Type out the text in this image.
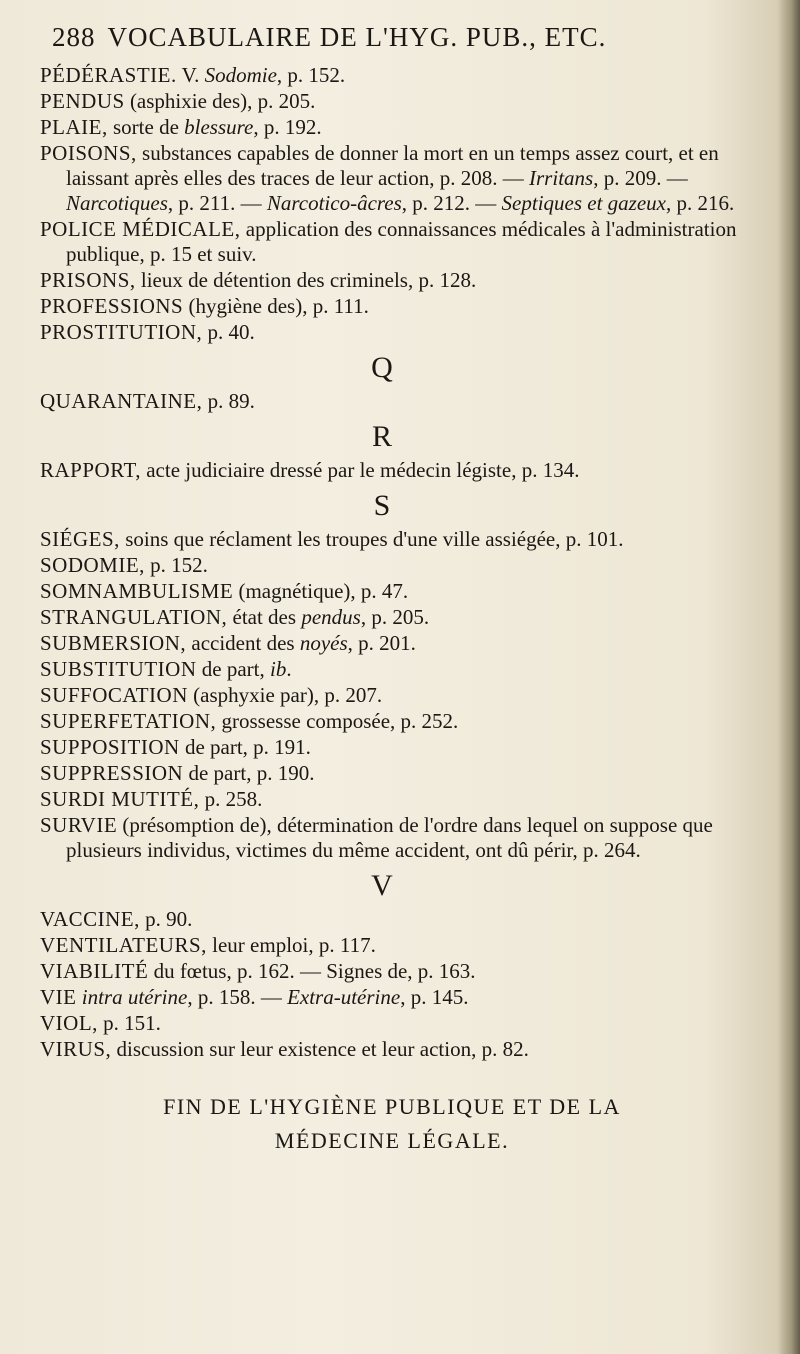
288 VOCABULAIRE DE L'HYG. PUB., ETC.
PÉDÉRASTIE. V. Sodomie, p. 152.
PENDUS (asphixie des), p. 205.
PLAIE, sorte de blessure, p. 192.
POISONS, substances capables de donner la mort en un temps assez court, et en laissant après elles des traces de leur action, p. 208. — Irritans, p. 209. — Narcotiques, p. 211. — Narcotico-âcres, p. 212. — Septiques et gazeux, p. 216.
POLICE MÉDICALE, application des connaissances médicales à l'administration publique, p. 15 et suiv.
PRISONS, lieux de détention des criminels, p. 128.
PROFESSIONS (hygiène des), p. 111.
PROSTITUTION, p. 40.
Q
QUARANTAINE, p. 89.
R
RAPPORT, acte judiciaire dressé par le médecin légiste, p. 134.
S
SIÉGES, soins que réclament les troupes d'une ville assiégée, p. 101.
SODOMIE, p. 152.
SOMNAMBULISME (magnétique), p. 47.
STRANGULATION, état des pendus, p. 205.
SUBMERSION, accident des noyés, p. 201.
SUBSTITUTION de part, ib.
SUFFOCATION (asphyxie par), p. 207.
SUPERFETATION, grossesse composée, p. 252.
SUPPOSITION de part, p. 191.
SUPPRESSION de part, p. 190.
SURDI MUTITÉ, p. 258.
SURVIE (présomption de), détermination de l'ordre dans lequel on suppose que plusieurs individus, victimes du même accident, ont dû périr, p. 264.
V
VACCINE, p. 90.
VENTILATEURS, leur emploi, p. 117.
VIABILITÉ du fœtus, p. 162. — Signes de, p. 163.
VIE intra utérine, p. 158. — Extra-utérine, p. 145.
VIOL, p. 151.
VIRUS, discussion sur leur existence et leur action, p. 82.
FIN DE L'HYGIÈNE PUBLIQUE ET DE LA
MÉDECINE LÉGALE.
